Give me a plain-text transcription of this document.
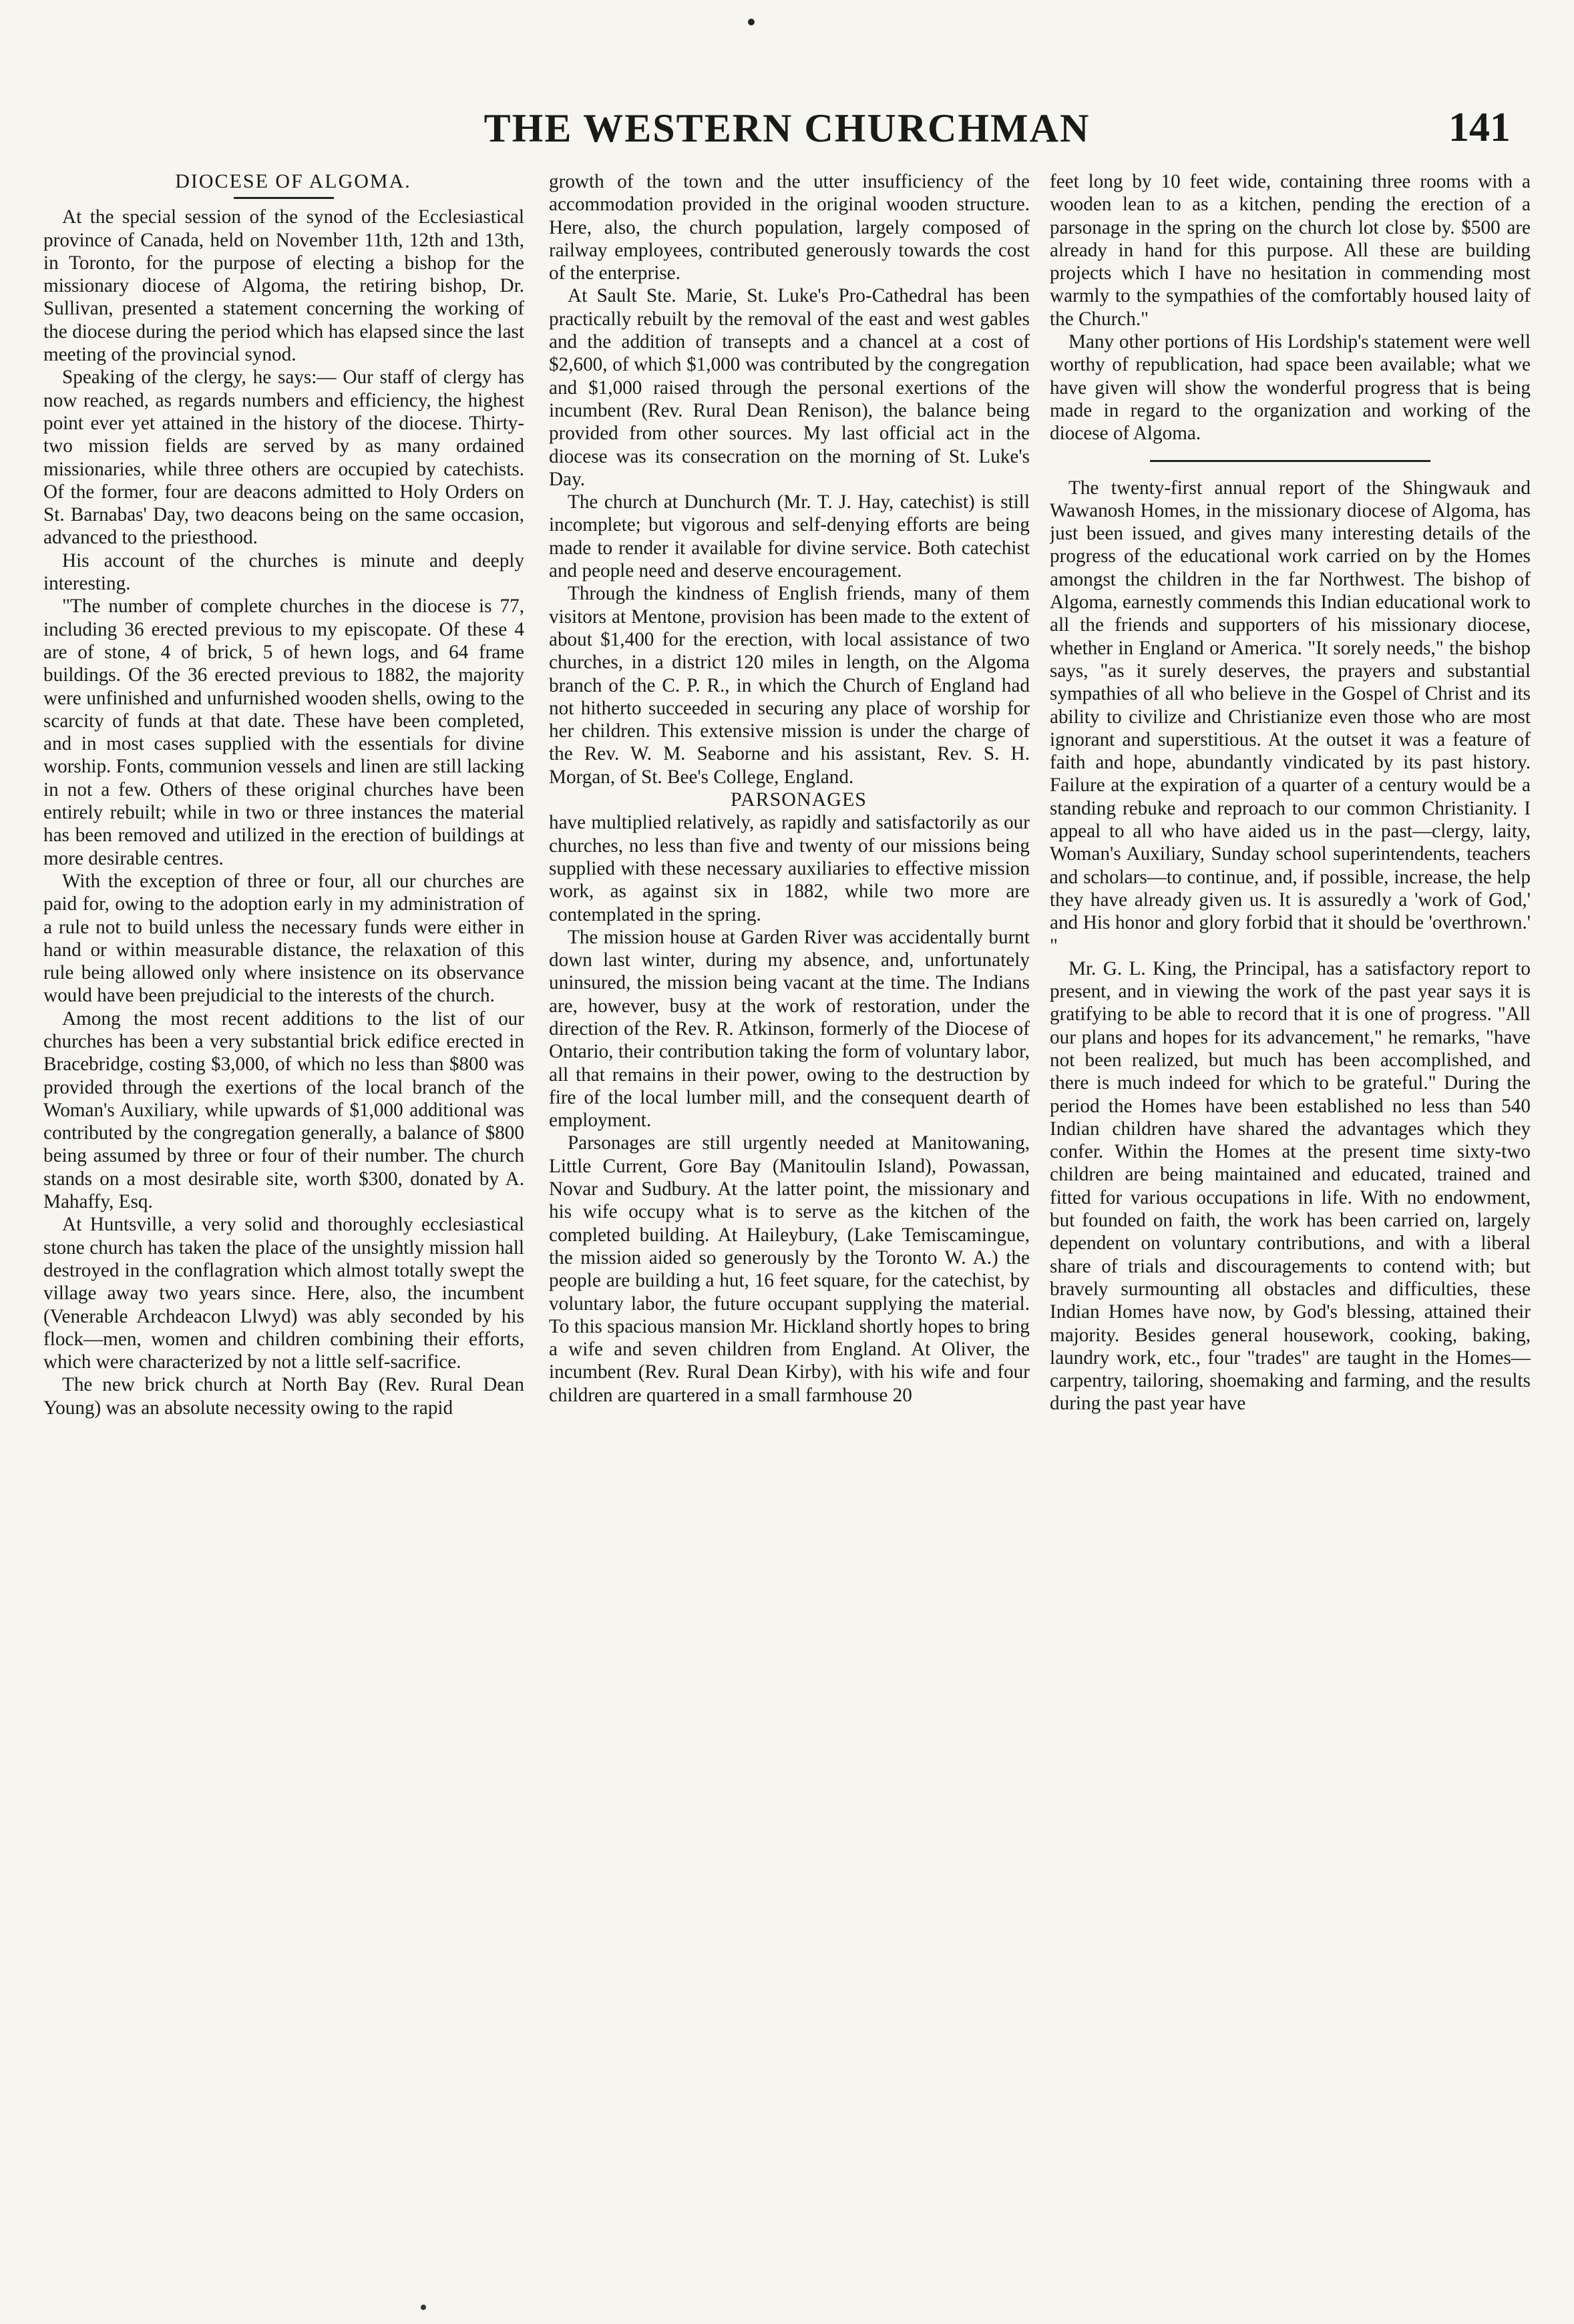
THE WESTERN CHURCHMAN	141

DIOCESE OF ALGOMA.

At the special session of the synod of the Ecclesiastical province of Canada, held on November 11th, 12th and 13th, in Toronto, for the purpose of electing a bishop for the missionary diocese of Algoma, the retiring bishop, Dr. Sullivan, presented a statement concerning the working of the diocese during the period which has elapsed since the last meeting of the provincial synod.

Speaking of the clergy, he says:— Our staff of clergy has now reached, as regards numbers and efficiency, the highest point ever yet attained in the history of the diocese. Thirty-two mission fields are served by as many ordained missionaries, while three others are occupied by catechists. Of the former, four are deacons admitted to Holy Orders on St. Barnabas' Day, two deacons being on the same occasion, advanced to the priesthood.

His account of the churches is minute and deeply interesting.

"The number of complete churches in the diocese is 77, including 36 erected previous to my episcopate. Of these 4 are of stone, 4 of brick, 5 of hewn logs, and 64 frame buildings. Of the 36 erected previous to 1882, the majority were unfinished and unfurnished wooden shells, owing to the scarcity of funds at that date. These have been completed, and in most cases supplied with the essentials for divine worship. Fonts, communion vessels and linen are still lacking in not a few. Others of these original churches have been entirely rebuilt; while in two or three instances the material has been removed and utilized in the erection of buildings at more desirable centres.

With the exception of three or four, all our churches are paid for, owing to the adoption early in my administration of a rule not to build unless the necessary funds were either in hand or within measurable distance, the relaxation of this rule being allowed only where insistence on its observance would have been prejudicial to the interests of the church.

Among the most recent additions to the list of our churches has been a very substantial brick edifice erected in Bracebridge, costing $3,000, of which no less than $800 was provided through the exertions of the local branch of the Woman's Auxiliary, while upwards of $1,000 additional was contributed by the congregation generally, a balance of $800 being assumed by three or four of their number. The church stands on a most desirable site, worth $300, donated by A. Mahaffy, Esq.

At Huntsville, a very solid and thoroughly ecclesiastical stone church has taken the place of the unsightly mission hall destroyed in the conflagration which almost totally swept the village away two years since. Here, also, the incumbent (Venerable Archdeacon Llwyd) was ably seconded by his flock—men, women and children combining their efforts, which were characterized by not a little self-sacrifice.

The new brick church at North Bay (Rev. Rural Dean Young) was an absolute necessity owing to the rapid

growth of the town and the utter insufficiency of the accommodation provided in the original wooden structure. Here, also, the church population, largely composed of railway employees, contributed generously towards the cost of the enterprise.

At Sault Ste. Marie, St. Luke's Pro-Cathedral has been practically rebuilt by the removal of the east and west gables and the addition of transepts and a chancel at a cost of $2,600, of which $1,000 was contributed by the congregation and $1,000 raised through the personal exertions of the incumbent (Rev. Rural Dean Renison), the balance being provided from other sources. My last official act in the diocese was its consecration on the morning of St. Luke's Day.

The church at Dunchurch (Mr. T. J. Hay, catechist) is still incomplete; but vigorous and self-denying efforts are being made to render it available for divine service. Both catechist and people need and deserve encouragement.

Through the kindness of English friends, many of them visitors at Mentone, provision has been made to the extent of about $1,400 for the erection, with local assistance of two churches, in a district 120 miles in length, on the Algoma branch of the C. P. R., in which the Church of England had not hitherto succeeded in securing any place of worship for her children. This extensive mission is under the charge of the Rev. W. M. Seaborne and his assistant, Rev. S. H. Morgan, of St. Bee's College, England.

PARSONAGES

have multiplied relatively, as rapidly and satisfactorily as our churches, no less than five and twenty of our missions being supplied with these necessary auxiliaries to effective mission work, as against six in 1882, while two more are contemplated in the spring.

The mission house at Garden River was accidentally burnt down last winter, during my absence, and, unfortunately uninsured, the mission being vacant at the time. The Indians are, however, busy at the work of restoration, under the direction of the Rev. R. Atkinson, formerly of the Diocese of Ontario, their contribution taking the form of voluntary labor, all that remains in their power, owing to the destruction by fire of the local lumber mill, and the consequent dearth of employment.

Parsonages are still urgently needed at Manitowaning, Little Current, Gore Bay (Manitoulin Island), Powassan, Novar and Sudbury. At the latter point, the missionary and his wife occupy what is to serve as the kitchen of the completed building. At Haileybury, (Lake Temiscamingue, the mission aided so generously by the Toronto W. A.) the people are building a hut, 16 feet square, for the catechist, by voluntary labor, the future occupant supplying the material. To this spacious mansion Mr. Hickland shortly hopes to bring a wife and seven children from England. At Oliver, the incumbent (Rev. Rural Dean Kirby), with his wife and four children are quartered in a small farmhouse 20

feet long by 10 feet wide, containing three rooms with a wooden lean to as a kitchen, pending the erection of a parsonage in the spring on the church lot close by. $500 are already in hand for this purpose. All these are building projects which I have no hesitation in commending most warmly to the sympathies of the comfortably housed laity of the Church."

Many other portions of His Lordship's statement were well worthy of republication, had space been available; what we have given will show the wonderful progress that is being made in regard to the organization and working of the diocese of Algoma.

The twenty-first annual report of the Shingwauk and Wawanosh Homes, in the missionary diocese of Algoma, has just been issued, and gives many interesting details of the progress of the educational work carried on by the Homes amongst the children in the far Northwest. The bishop of Algoma, earnestly commends this Indian educational work to all the friends and supporters of his missionary diocese, whether in England or America. "It sorely needs," the bishop says, "as it surely deserves, the prayers and substantial sympathies of all who believe in the Gospel of Christ and its ability to civilize and Christianize even those who are most ignorant and superstitious. At the outset it was a feature of faith and hope, abundantly vindicated by its past history. Failure at the expiration of a quarter of a century would be a standing rebuke and reproach to our common Christianity. I appeal to all who have aided us in the past—clergy, laity, Woman's Auxiliary, Sunday school superintendents, teachers and scholars—to continue, and, if possible, increase, the help they have already given us. It is assuredly a 'work of God,' and His honor and glory forbid that it should be 'overthrown.' "

Mr. G. L. King, the Principal, has a satisfactory report to present, and in viewing the work of the past year says it is gratifying to be able to record that it is one of progress. "All our plans and hopes for its advancement," he remarks, "have not been realized, but much has been accomplished, and there is much indeed for which to be grateful." During the period the Homes have been established no less than 540 Indian children have shared the advantages which they confer. Within the Homes at the present time sixty-two children are being maintained and educated, trained and fitted for various occupations in life. With no endowment, but founded on faith, the work has been carried on, largely dependent on voluntary contributions, and with a liberal share of trials and discouragements to contend with; but bravely surmounting all obstacles and difficulties, these Indian Homes have now, by God's blessing, attained their majority. Besides general housework, cooking, baking, laundry work, etc., four "trades" are taught in the Homes—carpentry, tailoring, shoemaking and farming, and the results during the past year have
